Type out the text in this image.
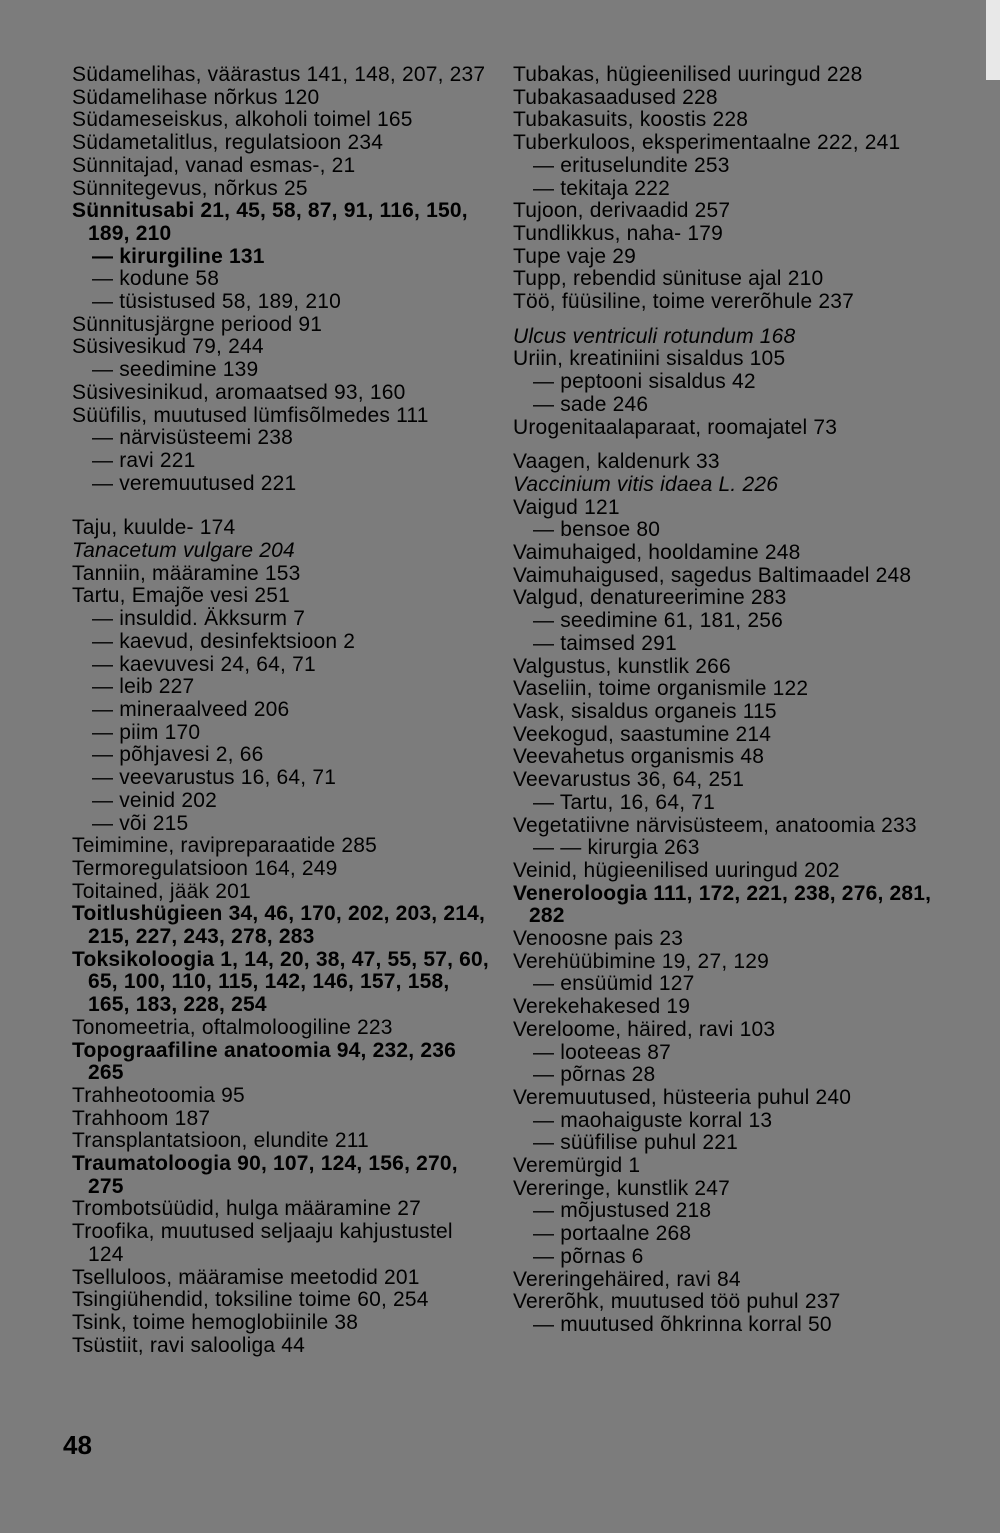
Südamelihas, väärastus 141, 148, 207, 237
Südamelihase nõrkus 120
Südameseiskus, alkoholi toimel 165
Südametalitlus, regulatsioon 234
Sünnitajad, vanad esmas-, 21
Sünnitegevus, nõrkus 25
Sünnitusabi 21, 45, 58, 87, 91, 116, 150, 189, 210
— kirurgiline 131
— kodune 58
— tüsistused 58, 189, 210
Sünnitusjärgne periood 91
Süsivesikud 79, 244
— seedimine 139
Süsivesinikud, aromaatsed 93, 160
Süüfilis, muutused lümfisõlmedes 111
— närvisüsteemi 238
— ravi 221
— veremuutused 221
Taju, kuulde- 174
Tanacetum vulgare 204
Tanniin, määramine 153
Tartu, Emajõe vesi 251
— insuldid. Äkksurm 7
— kaevud, desinfektsioon 2
— kaevuvesi 24, 64, 71
— leib 227
— mineraalveed 206
— piim 170
— põhjavesi 2, 66
— veevarustus 16, 64, 71
— veinid 202
— või 215
Teimimine, ravipreparaatide 285
Termoregulatsioon 164, 249
Toitained, jääk 201
Toitlushügieen 34, 46, 170, 202, 203, 214, 215, 227, 243, 278, 283
Toksikoloogia 1, 14, 20, 38, 47, 55, 57, 60, 65, 100, 110, 115, 142, 146, 157, 158, 165, 183, 228, 254
Tonomeetria, oftalmoloogiline 223
Topograafiline anatoomia 94, 232, 236 265
Trahheotoomia 95
Trahhoom 187
Transplantatsioon, elundite 211
Traumatoloogia 90, 107, 124, 156, 270, 275
Trombotsüüdid, hulga määramine 27
Troofika, muutused seljaaju kahjustustel 124
Tselluloos, määramise meetodid 201
Tsingiühendid, toksiline toime 60, 254
Tsink, toime hemoglobiinile 38
Tsüstiit, ravi salooliga 44
Tubakas, hügieenilised uuringud 228
Tubakasaadused 228
Tubakasuits, koostis 228
Tuberkuloos, eksperimentaalne 222, 241
— erituselundite 253
— tekitaja 222
Tujoon, derivaadid 257
Tundlikkus, naha- 179
Tupe vaje 29
Tupp, rebendid sünituse ajal 210
Töö, füüsiline, toime vererõhule 237
Ulcus ventriculi rotundum 168
Uriin, kreatiniini sisaldus 105
— peptooni sisaldus 42
— sade 246
Urogenitaalaparaat, roomajatel 73
Vaagen, kaldenurk 33
Vaccinium vitis idaea L. 226
Vaigud 121
— bensoe 80
Vaimuhaiged, hooldamine 248
Vaimuhaigused, sagedus Baltimaadel 248
Valgud, denatureerimine 283
— seedimine 61, 181, 256
— taimsed 291
Valgustus, kunstlik 266
Vaseliin, toime organismile 122
Vask, sisaldus organeis 115
Veekogud, saastumine 214
Veevahetus organismis 48
Veevarustus 36, 64, 251
— Tartu, 16, 64, 71
Vegetatiivne närvisüsteem, anatoomia 233
— — kirurgia 263
Veinid, hügieenilised uuringud 202
Veneroloogia 111, 172, 221, 238, 276, 281, 282
Venoosne pais 23
Verehüübimine 19, 27, 129
— ensüümid 127
Verekehakesed 19
Vereloome, häired, ravi 103
— looteeas 87
— põrnas 28
Veremuutused, hüsteeria puhul 240
— maohaiguste korral 13
— süüfilise puhul 221
Veremürgid 1
Vereringe, kunstlik 247
— mõjustused 218
— portaalne 268
— põrnas 6
Vereringehäired, ravi 84
Vererõhk, muutused töö puhul 237
— muutused õhkrinna korral 50
48
